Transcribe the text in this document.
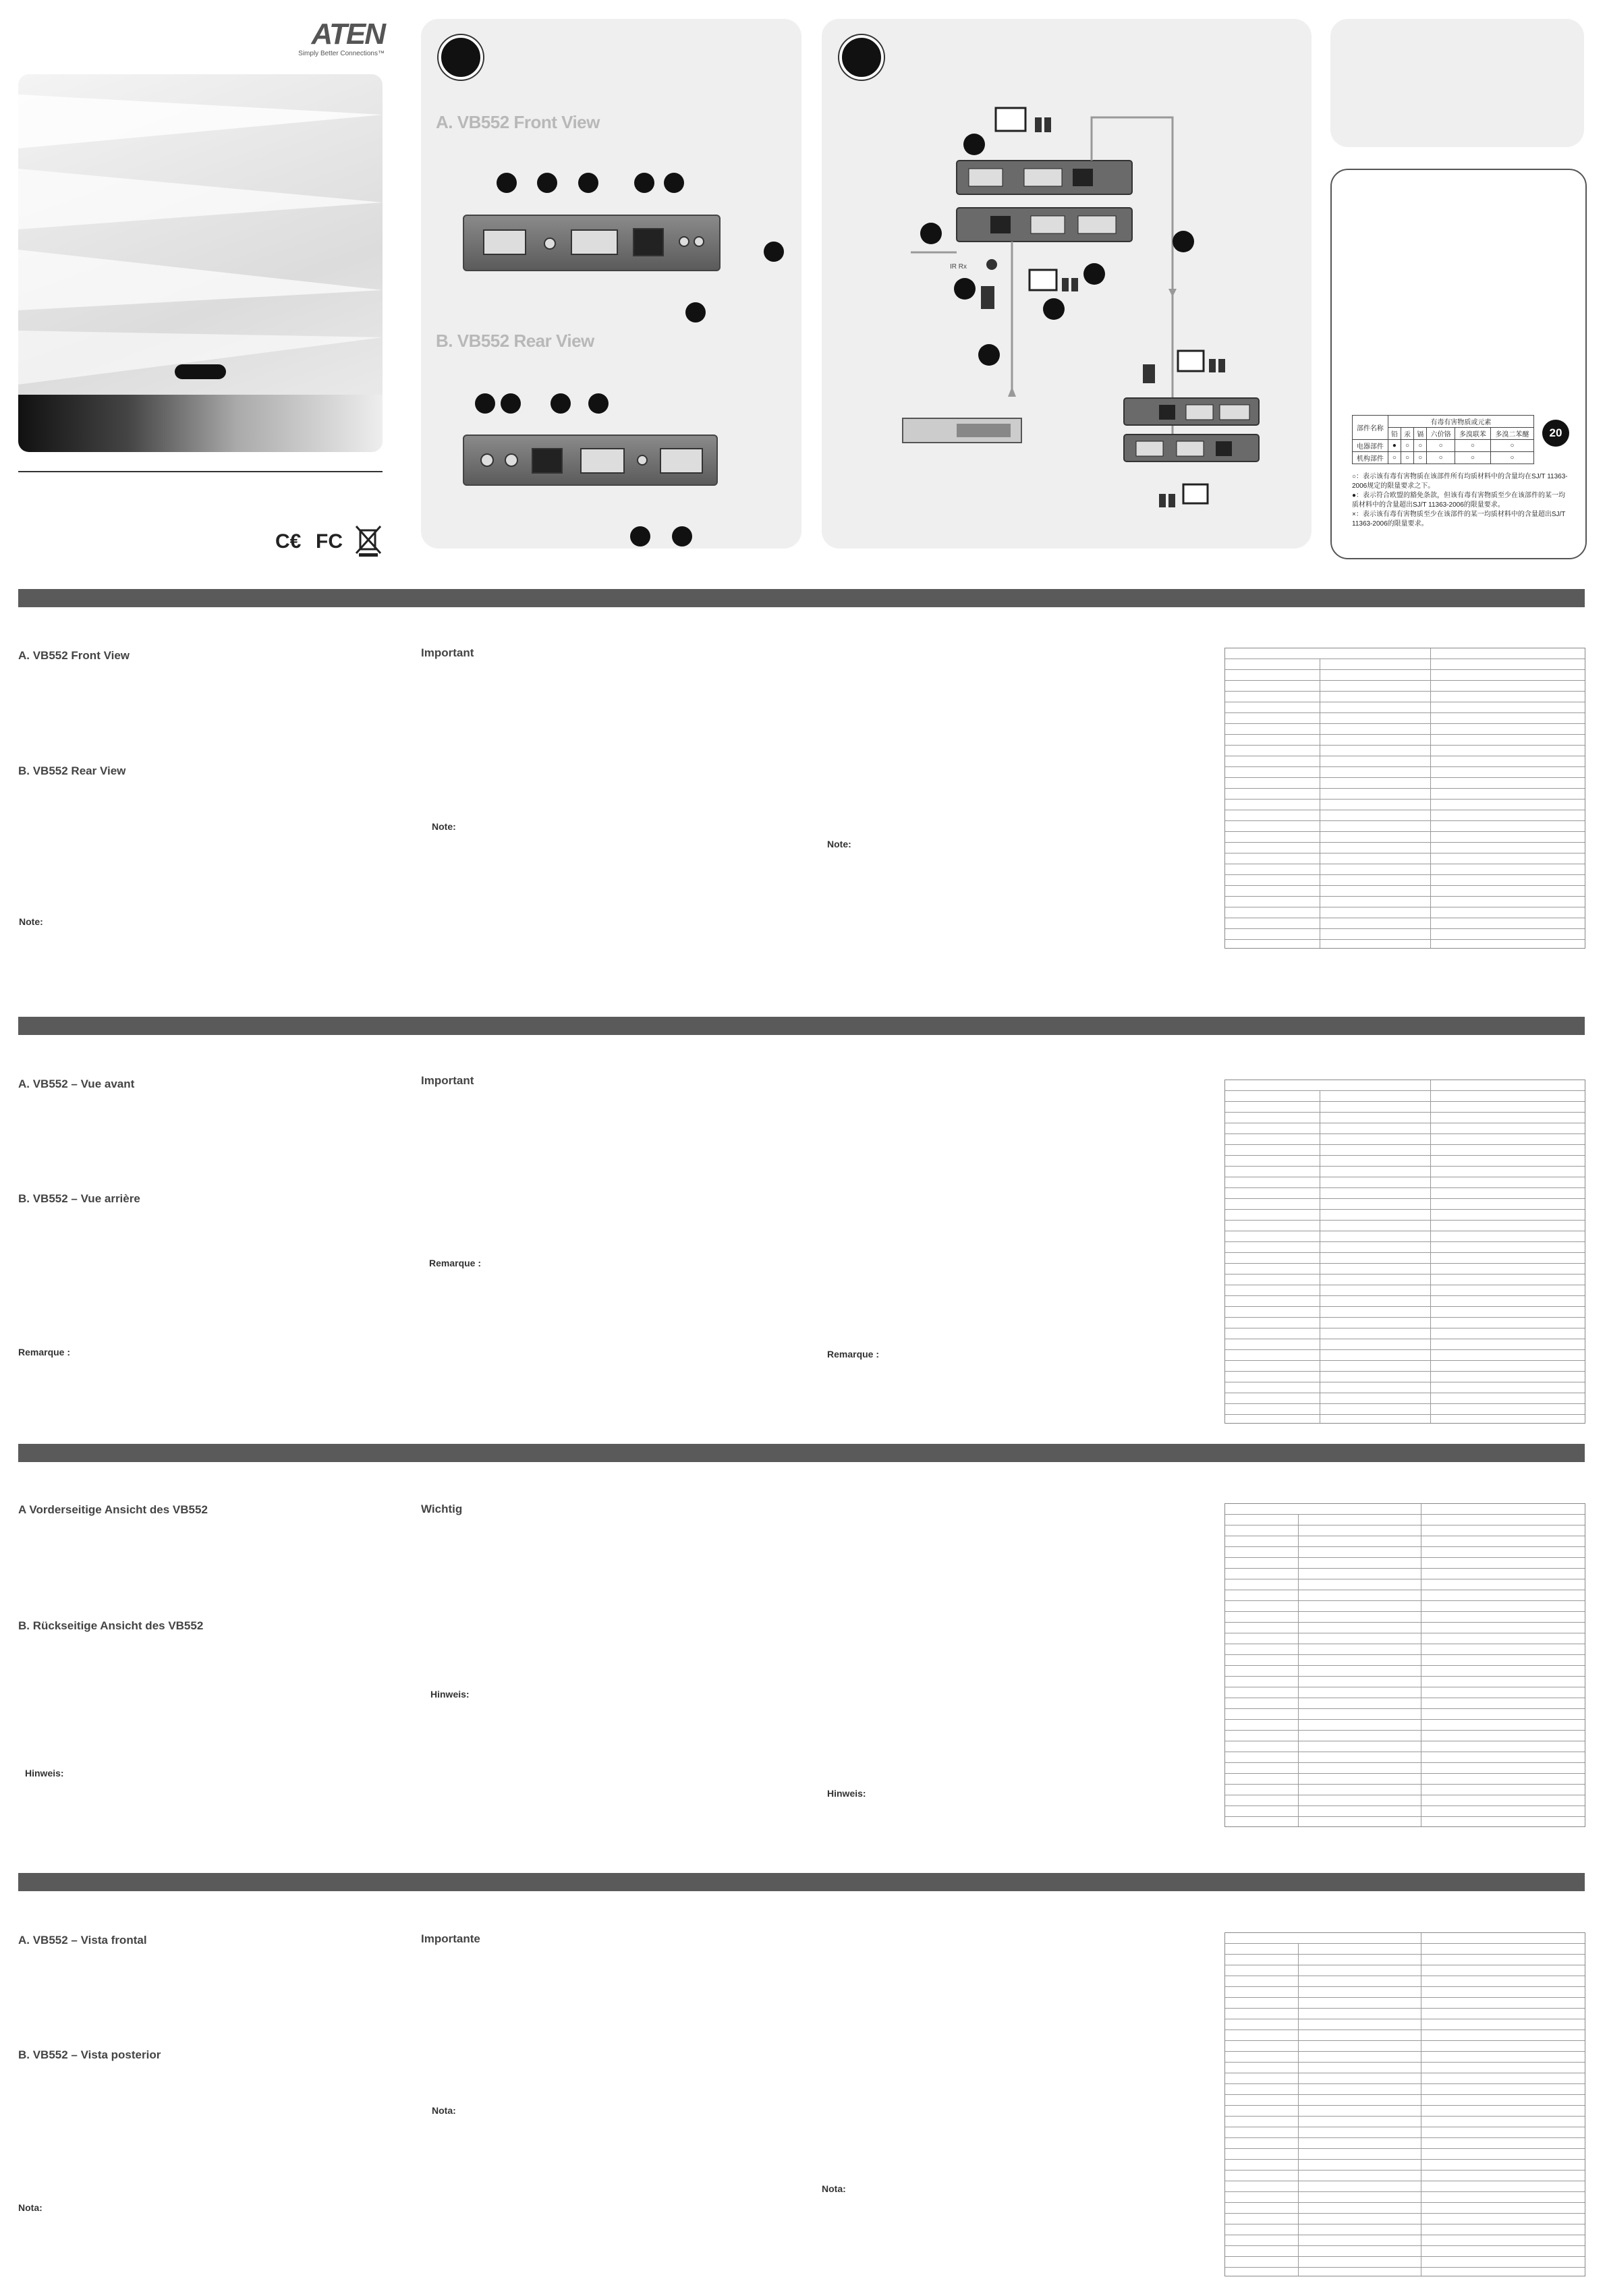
ATEN
Simply Better Connections™
C€ FC
A. VB552 Front View
B. VB552 Rear View
IR Rx
部件名称	有毒有害物质或元素					
	铅	汞	镉	六价铬	多溴联苯	多溴二苯醚
电器部件	●	○	○	○	○	○
机构部件	○	○	○	○	○	○
20
○：表示该有毒有害物质在该部件所有均质材料中的含量均在SJ/T 11363-2006规定的限量要求之下。
●：表示符合欧盟的豁免条款，但该有毒有害物质至少在该部件的某一均质材料中的含量超出SJ/T 11363-2006的限量要求。
×：表示该有毒有害物质至少在该部件的某一均质材料中的含量超出SJ/T 11363-2006的限量要求。
A. VB552 Front View
B. VB552 Rear View
Note:
Important
Note:
Note:
A. VB552 – Vue avant
B. VB552 – Vue arrière
Remarque :
Important
Remarque :
Remarque :
A Vorderseitige Ansicht des VB552
B. Rückseitige Ansicht des VB552
Hinweis:
Wichtig
Hinweis:
Hinweis:
A. VB552 – Vista frontal
B. VB552 – Vista posterior
Nota:
Importante
Nota:
Nota:
